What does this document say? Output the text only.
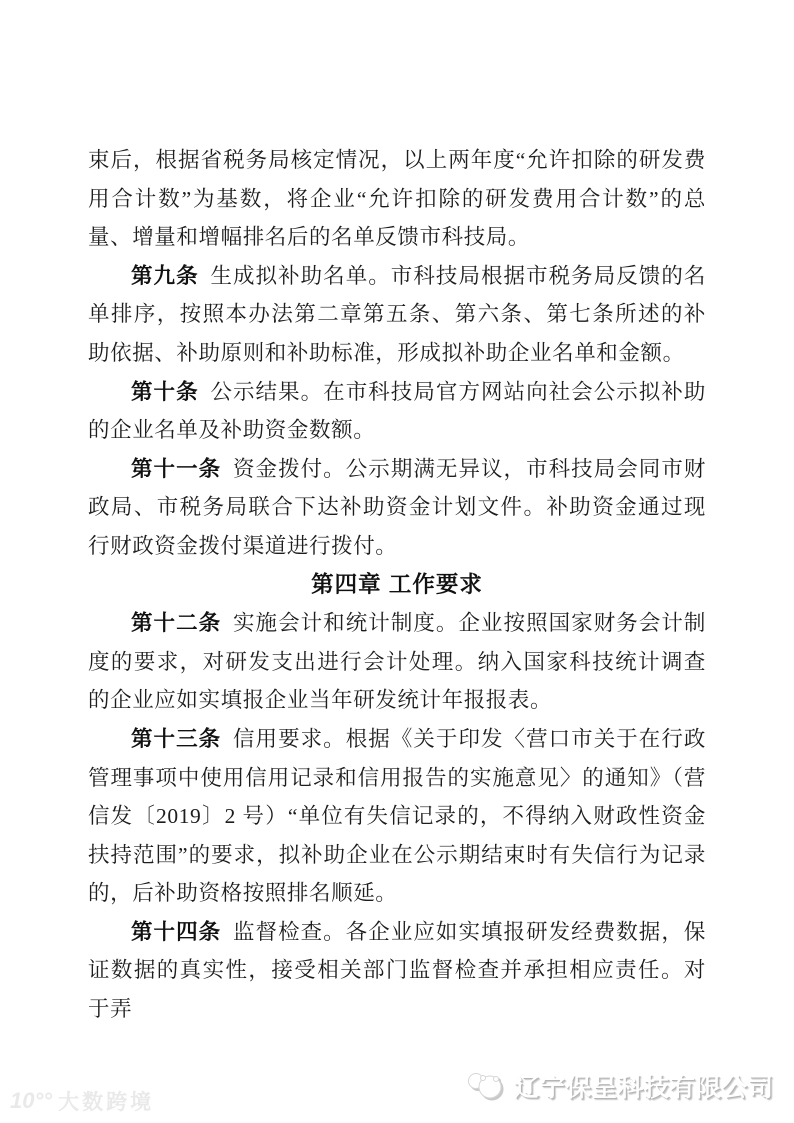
束后，根据省税务局核定情况，以上两年度“允许扣除的研发费用合计数”为基数，将企业“允许扣除的研发费用合计数”的总量、增量和增幅排名后的名单反馈市科技局。

第九条 生成拟补助名单。市科技局根据市税务局反馈的名单排序，按照本办法第二章第五条、第六条、第七条所述的补助依据、补助原则和补助标准，形成拟补助企业名单和金额。

第十条 公示结果。在市科技局官方网站向社会公示拟补助的企业名单及补助资金数额。

第十一条 资金拨付。公示期满无异议，市科技局会同市财政局、市税务局联合下达补助资金计划文件。补助资金通过现行财政资金拨付渠道进行拨付。

第四章 工作要求

第十二条 实施会计和统计制度。企业按照国家财务会计制度的要求，对研发支出进行会计处理。纳入国家科技统计调查的企业应如实填报企业当年研发统计年报报表。

第十三条 信用要求。根据《关于印发〈营口市关于在行政管理事项中使用信用记录和信用报告的实施意见〉的通知》（营信发〔2019〕2 号）“单位有失信记录的，不得纳入财政性资金扶持范围”的要求，拟补助企业在公示期结束时有失信行为记录的，后补助资格按照排名顺延。

第十四条 监督检查。各企业应如实填报研发经费数据，保证数据的真实性，接受相关部门监督检查并承担相应责任。对于弄

10°° 大数跨境
辽宁保呈科技有限公司
